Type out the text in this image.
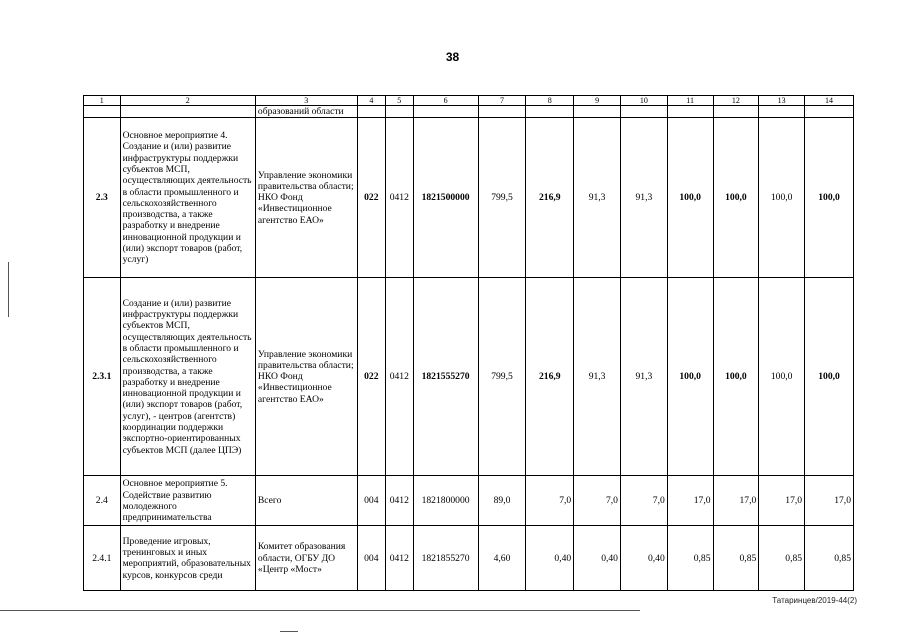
38
1	2	3	4	5	6	7	8	9	10	11	12	13	14
		образований области											
2.3	Основное мероприятие 4. Создание и (или) развитие инфраструктуры поддержки субъектов МСП, осуществляющих деятельность в области промышленного и сельскохозяйственного производства, а также разработку и внедрение инновационной продукции и (или) экспорт товаров (работ, услуг)	Управление экономики правительства области; НКО Фонд «Инвестиционное агентство ЕАО»	022	0412	1821500000	799,5	216,9	91,3	91,3	100,0	100,0	100,0	100,0
2.3.1	Создание и (или) развитие инфраструктуры поддержки субъектов МСП, осуществляющих деятельность в области промышленного и сельскохозяйственного производства, а также разработку и внедрение инновационной продукции и (или) экспорт товаров (работ, услуг), - центров (агентств) координации поддержки экспортно-ориентированных субъектов МСП (далее ЦПЭ)	Управление экономики правительства области; НКО Фонд «Инвестиционное агентство ЕАО»	022	0412	1821555270	799,5	216,9	91,3	91,3	100,0	100,0	100,0	100,0
2.4	Основное мероприятие 5. Содействие развитию молодежного предпринимательства	Всего	004	0412	1821800000	89,0	7,0	7,0	7,0	17,0	17,0	17,0	17,0
2.4.1	Проведение игровых, тренинговых и иных мероприятий, образовательных курсов, конкурсов среди	Комитет образования области, ОГБУ ДО «Центр «Мост»	004	0412	1821855270	4,60	0,40	0,40	0,40	0,85	0,85	0,85	0,85
Татаринцев/2019-44(2)
